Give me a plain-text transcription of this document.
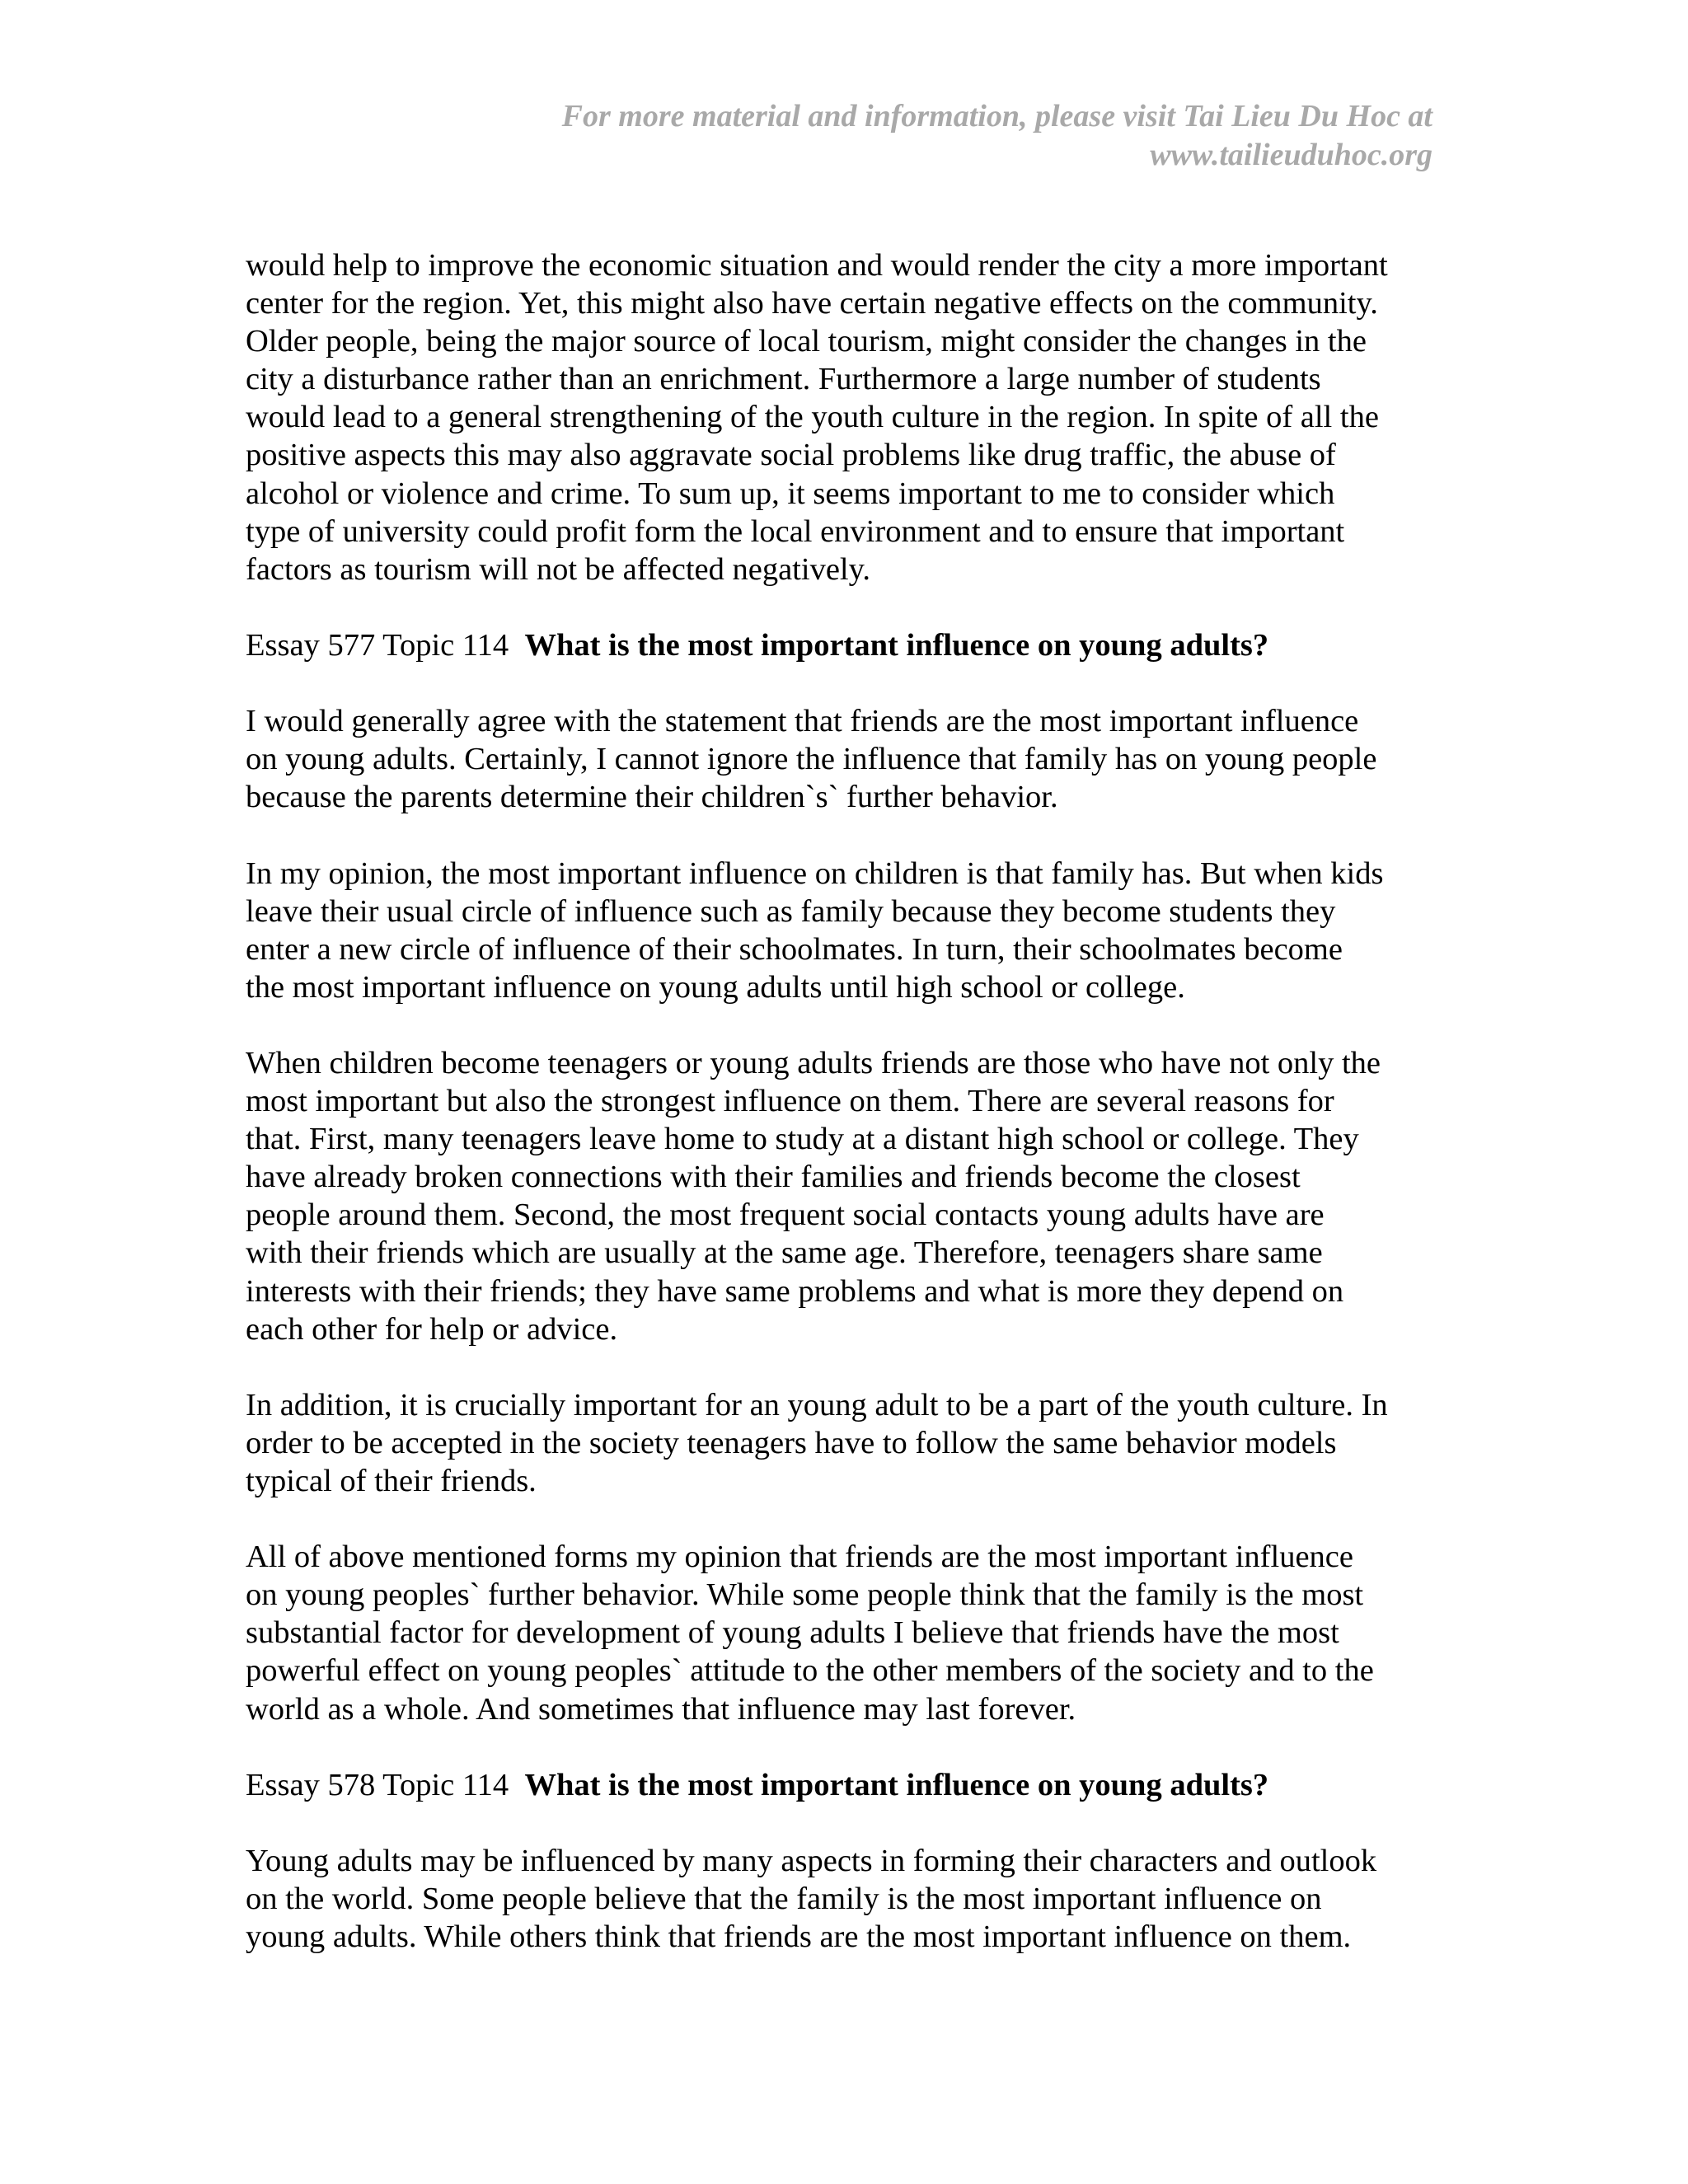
For more material and information, please visit Tai Lieu Du Hoc at
www.tailieuduhoc.org
would help to improve the economic situation and would render the city a more important
center for the region. Yet, this might also have certain negative effects on the community.
Older people, being the major source of local tourism, might consider the changes in the
city a disturbance rather than an enrichment. Furthermore a large number of students
would lead to a general strengthening of the youth culture in the region. In spite of all the
positive aspects this may also aggravate social problems like drug traffic, the abuse of
alcohol or violence and crime. To sum up, it seems important to me to consider which
type of university could profit form the local environment and to ensure that important
factors as tourism will not be affected negatively.
Essay 577 Topic 114 What is the most important influence on young adults?
I would generally agree with the statement that friends are the most important influence
on young adults. Certainly, I cannot ignore the influence that family has on young people
because the parents determine their children`s` further behavior.
In my opinion, the most important influence on children is that family has. But when kids
leave their usual circle of influence such as family because they become students they
enter a new circle of influence of their schoolmates. In turn, their schoolmates become
the most important influence on young adults until high school or college.
When children become teenagers or young adults friends are those who have not only the
most important but also the strongest influence on them. There are several reasons for
that. First, many teenagers leave home to study at a distant high school or college. They
have already broken connections with their families and friends become the closest
people around them. Second, the most frequent social contacts young adults have are
with their friends which are usually at the same age. Therefore, teenagers share same
interests with their friends; they have same problems and what is more they depend on
each other for help or advice.
In addition, it is crucially important for an young adult to be a part of the youth culture. In
order to be accepted in the society teenagers have to follow the same behavior models
typical of their friends.
All of above mentioned forms my opinion that friends are the most important influence
on young peoples` further behavior. While some people think that the family is the most
substantial factor for development of young adults I believe that friends have the most
powerful effect on young peoples` attitude to the other members of the society and to the
world as a whole. And sometimes that influence may last forever.
Essay 578 Topic 114 What is the most important influence on young adults?
Young adults may be influenced by many aspects in forming their characters and outlook
on the world. Some people believe that the family is the most important influence on
young adults. While others think that friends are the most important influence on them.
